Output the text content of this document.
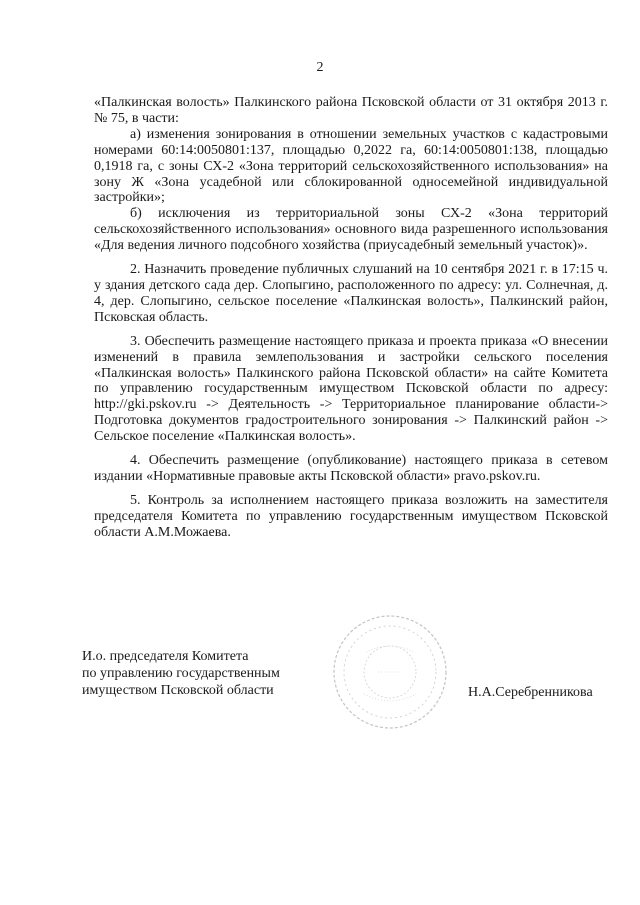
2

«Палкинская волость» Палкинского района Псковской области от 31 октября 2013 г. № 75, в части:

а) изменения зонирования в отношении земельных участков с кадастровыми номерами 60:14:0050801:137, площадью 0,2022 га, 60:14:0050801:138, площадью 0,1918 га, с зоны СХ-2 «Зона территорий сельскохозяйственного использования» на зону Ж «Зона усадебной или сблокированной односемейной индивидуальной застройки»;

б) исключения из территориальной зоны СХ-2 «Зона территорий сельскохозяйственного использования» основного вида разрешенного использования «Для ведения личного подсобного хозяйства (приусадебный земельный участок)».

2. Назначить проведение публичных слушаний на 10 сентября 2021 г. в 17:15 ч. у здания детского сада дер. Слопыгино, расположенного по адресу: ул. Солнечная, д. 4, дер. Слопыгино, сельское поселение «Палкинская волость», Палкинский район, Псковская область.

3. Обеспечить размещение настоящего приказа и проекта приказа «О внесении изменений в правила землепользования и застройки сельского поселения «Палкинская волость» Палкинского района Псковской области» на сайте Комитета по управлению государственным имуществом Псковской области по адресу: http://gki.pskov.ru -> Деятельность -> Территориальное планирование области-> Подготовка документов градостроительного зонирования -> Палкинский район -> Сельское поселение «Палкинская волость».

4. Обеспечить размещение (опубликование) настоящего приказа в сетевом издании «Нормативные правовые акты Псковской области» pravo.pskov.ru.

5. Контроль за исполнением настоящего приказа возложить на заместителя председателя Комитета по управлению государственным имуществом Псковской области А.М.Можаева.

И.о. председателя Комитета
по управлению государственным
имуществом Псковской области	Н.А.Серебренникова
